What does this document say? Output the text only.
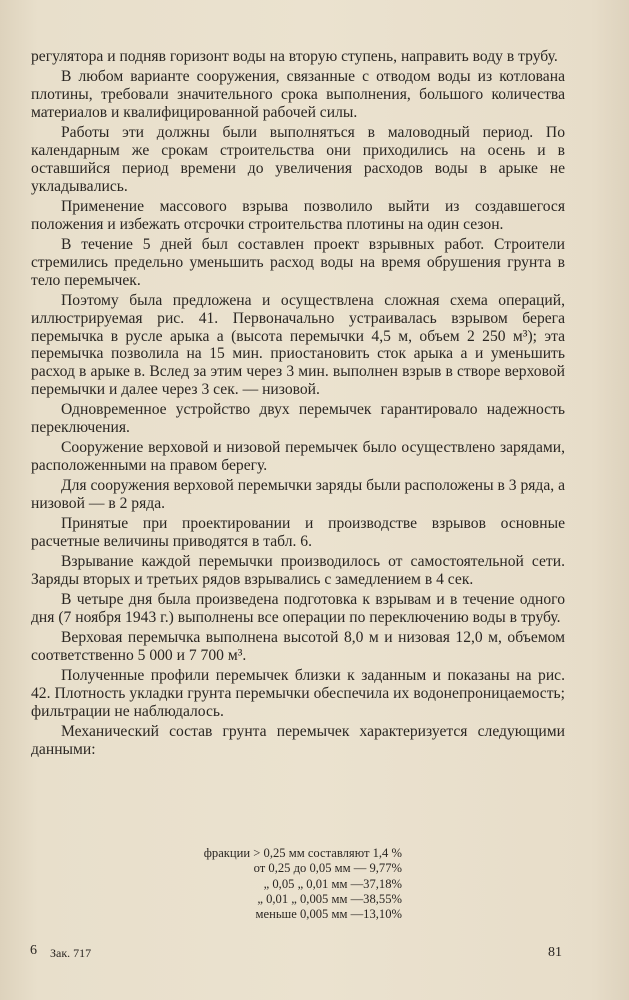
регулятора и подняв горизонт воды на вторую ступень, направить воду в трубу.

В любом варианте сооружения, связанные с отводом воды из котлована плотины, требовали значительного срока выполнения, большого количества материалов и квалифицированной рабочей силы.

Работы эти должны были выполняться в маловодный период. По календарным же срокам строительства они приходились на осень и в оставшийся период времени до увеличения расходов воды в арыке не укладывались.

Применение массового взрыва позволило выйти из создавшегося положения и избежать отсрочки строительства плотины на один сезон.

В течение 5 дней был составлен проект взрывных работ. Строители стремились предельно уменьшить расход воды на время обрушения грунта в тело перемычек.

Поэтому была предложена и осуществлена сложная схема операций, иллюстрируемая рис. 41. Первоначально устраивалась взрывом берега перемычка в русле арыка а (высота перемычки 4,5 м, объем 2 250 м³); эта перемычка позволила на 15 мин. приостановить сток арыка а и уменьшить расход в арыке в. Вслед за этим через 3 мин. выполнен взрыв в створе верховой перемычки и далее через 3 сек. — низовой.

Одновременное устройство двух перемычек гарантировало надежность переключения.

Сооружение верховой и низовой перемычек было осуществлено зарядами, расположенными на правом берегу.

Для сооружения верховой перемычки заряды были расположены в 3 ряда, а низовой — в 2 ряда.

Принятые при проектировании и производстве взрывов основные расчетные величины приводятся в табл. 6.

Взрывание каждой перемычки производилось от самостоятельной сети. Заряды вторых и третьих рядов взрывались с замедлением в 4 сек.

В четыре дня была произведена подготовка к взрывам и в течение одного дня (7 ноября 1943 г.) выполнены все операции по переключению воды в трубу.

Верховая перемычка выполнена высотой 8,0 м и низовая 12,0 м, объемом соответственно 5 000 и 7 700 м³.

Полученные профили перемычек близки к заданным и показаны на рис. 42. Плотность укладки грунта перемычки обеспечила их водонепроницаемость; фильтрации не наблюдалось.

Механический состав грунта перемычек характеризуется следующими данными:

фракции > 0,25 мм составляют 1,4 %
от 0,25 до 0,05 мм — 9,77%
„ 0,05 „ 0,01 мм —37,18%
„ 0,01 „ 0,005 мм —38,55%
меньше 0,005 мм —13,10%
6 Зак. 717	81
